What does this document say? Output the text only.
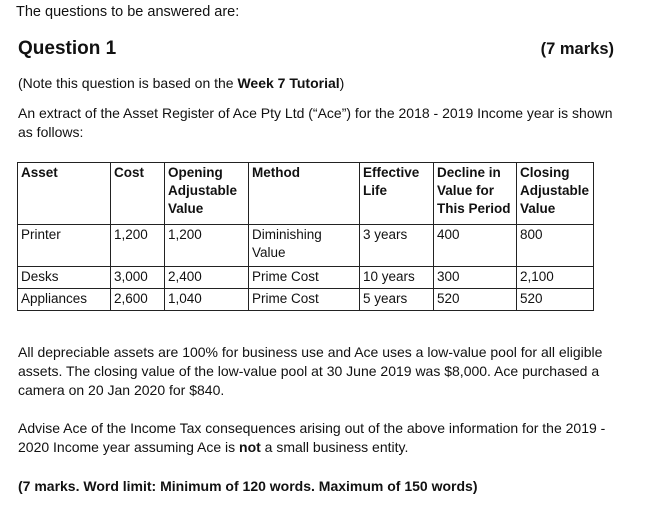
The questions to be answered are:
Question 1	(7 marks)
(Note this question is based on the Week 7 Tutorial)
An extract of the Asset Register of Ace Pty Ltd (“Ace”) for the 2018 - 2019 Income year is shown as follows:
Asset	Cost	Opening Adjustable Value	Method	Effective Life	Decline in Value for This Period	Closing Adjustable Value
Printer	1,200	1,200	Diminishing Value	3 years	400	800
Desks	3,000	2,400	Prime Cost	10 years	300	2,100
Appliances	2,600	1,040	Prime Cost	5 years	520	520
All depreciable assets are 100% for business use and Ace uses a low-value pool for all eligible assets. The closing value of the low-value pool at 30 June 2019 was $8,000. Ace purchased a camera on 20 Jan 2020 for $840.
Advise Ace of the Income Tax consequences arising out of the above information for the 2019 - 2020 Income year assuming Ace is not a small business entity.
(7 marks. Word limit: Minimum of 120 words. Maximum of 150 words)
